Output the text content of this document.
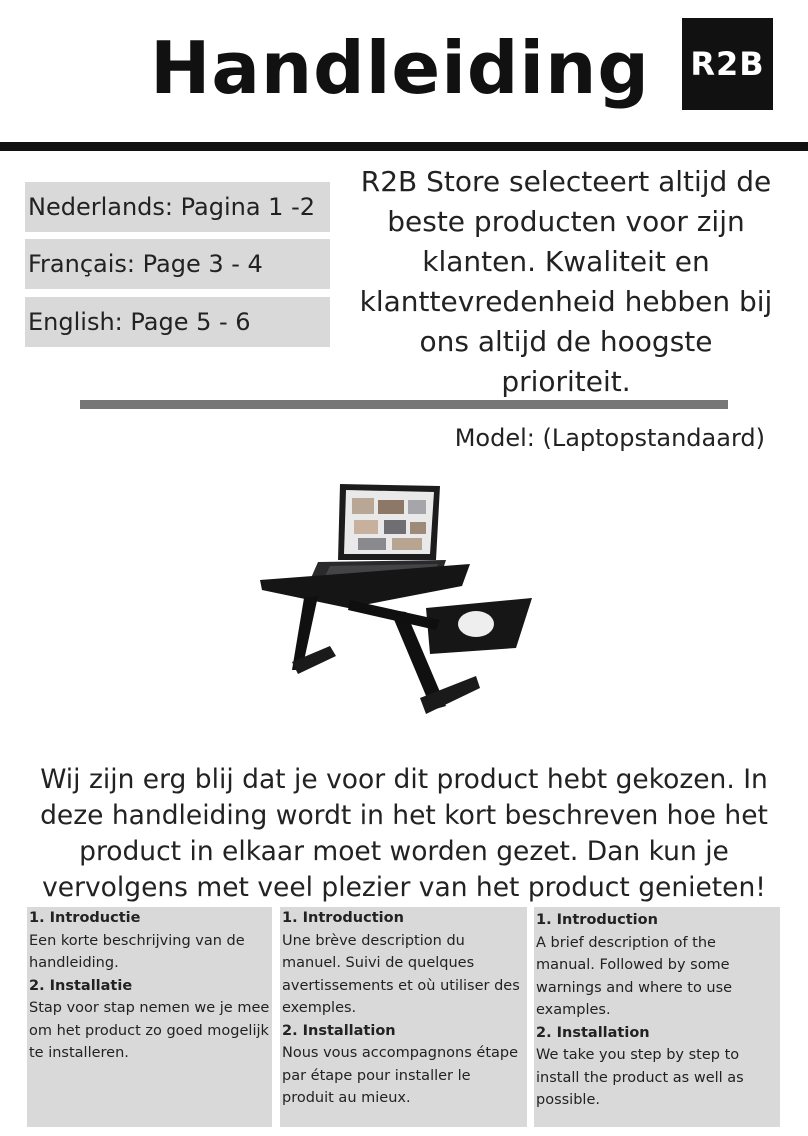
Handleiding R2B
Nederlands: Pagina 1 -2
Français: Page 3 - 4
English: Page 5 - 6
R2B Store selecteert altijd de beste producten voor zijn klanten. Kwaliteit en klanttevredenheid hebben bij ons altijd de hoogste prioriteit.
Model: (Laptopstandaard)
Wij zijn erg blij dat je voor dit product hebt gekozen. In deze handleiding wordt in het kort beschreven hoe het product in elkaar moet worden gezet. Dan kun je vervolgens met veel plezier van het product genieten!
1. Introductie
Een korte beschrijving van de handleiding.
2. Installatie
Stap voor stap nemen we je mee om het product zo goed mogelijk te installeren.
1. Introduction
Une brève description du manuel. Suivi de quelques avertissements et où utiliser des exemples.
2. Installation
Nous vous accompagnons étape par étape pour installer le produit au mieux.
1. Introduction
A brief description of the manual. Followed by some warnings and where to use examples.
2. Installation
We take you step by step to install the product as well as possible.
